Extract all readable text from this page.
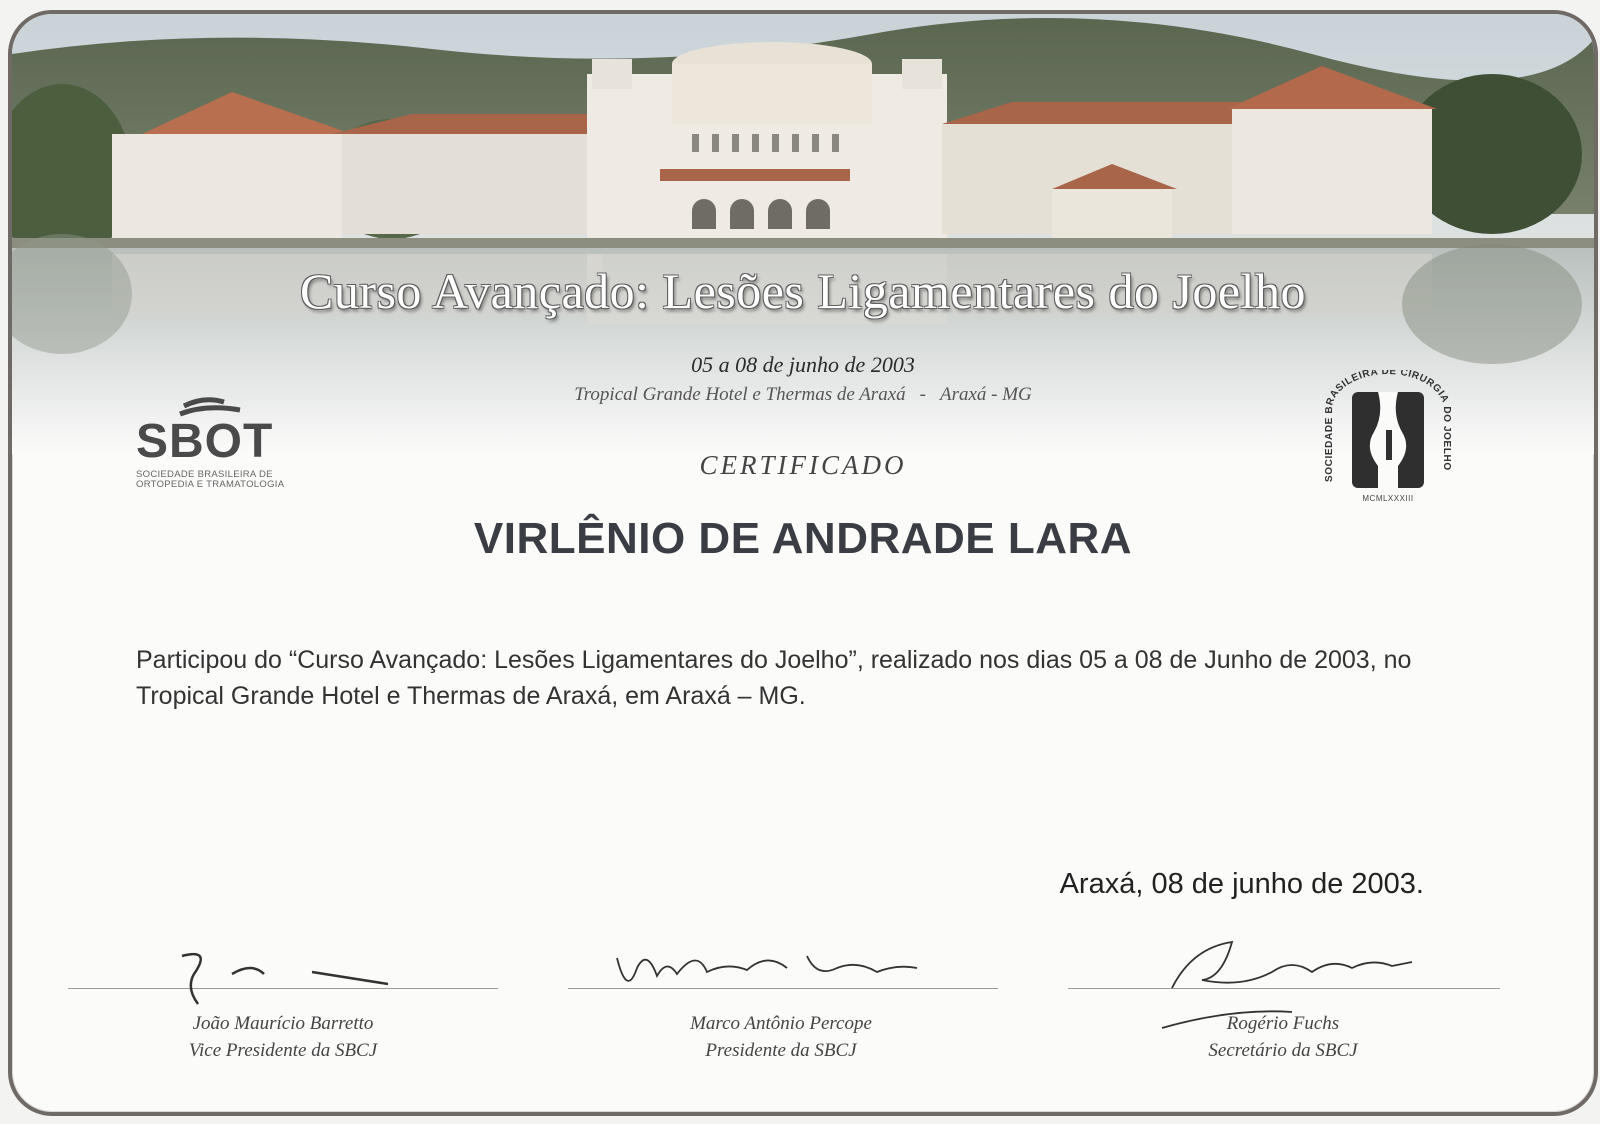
Curso Avançado: Lesões Ligamentares do Joelho
05 a 08 de junho de 2003
Tropical Grande Hotel e Thermas de Araxá - Araxá - MG
SBOT
SOCIEDADE BRASILEIRA DE ORTOPEDIA E TRAMATOLOGIA
SOCIEDADE BRASILEIRA DE CIRURGIA DO JOELHO
MCMLXXXIII
CERTIFICADO
VIRLÊNIO DE ANDRADE LARA
Participou do “Curso Avançado: Lesões Ligamentares do Joelho”, realizado nos dias 05 a 08 de Junho de 2003, no Tropical Grande Hotel e Thermas de Araxá, em Araxá – MG.
Araxá, 08 de junho de 2003.
João Maurício Barretto
Vice Presidente da SBCJ
Marco Antônio Percope
Presidente da SBCJ
Rogério Fuchs
Secretário da SBCJ
